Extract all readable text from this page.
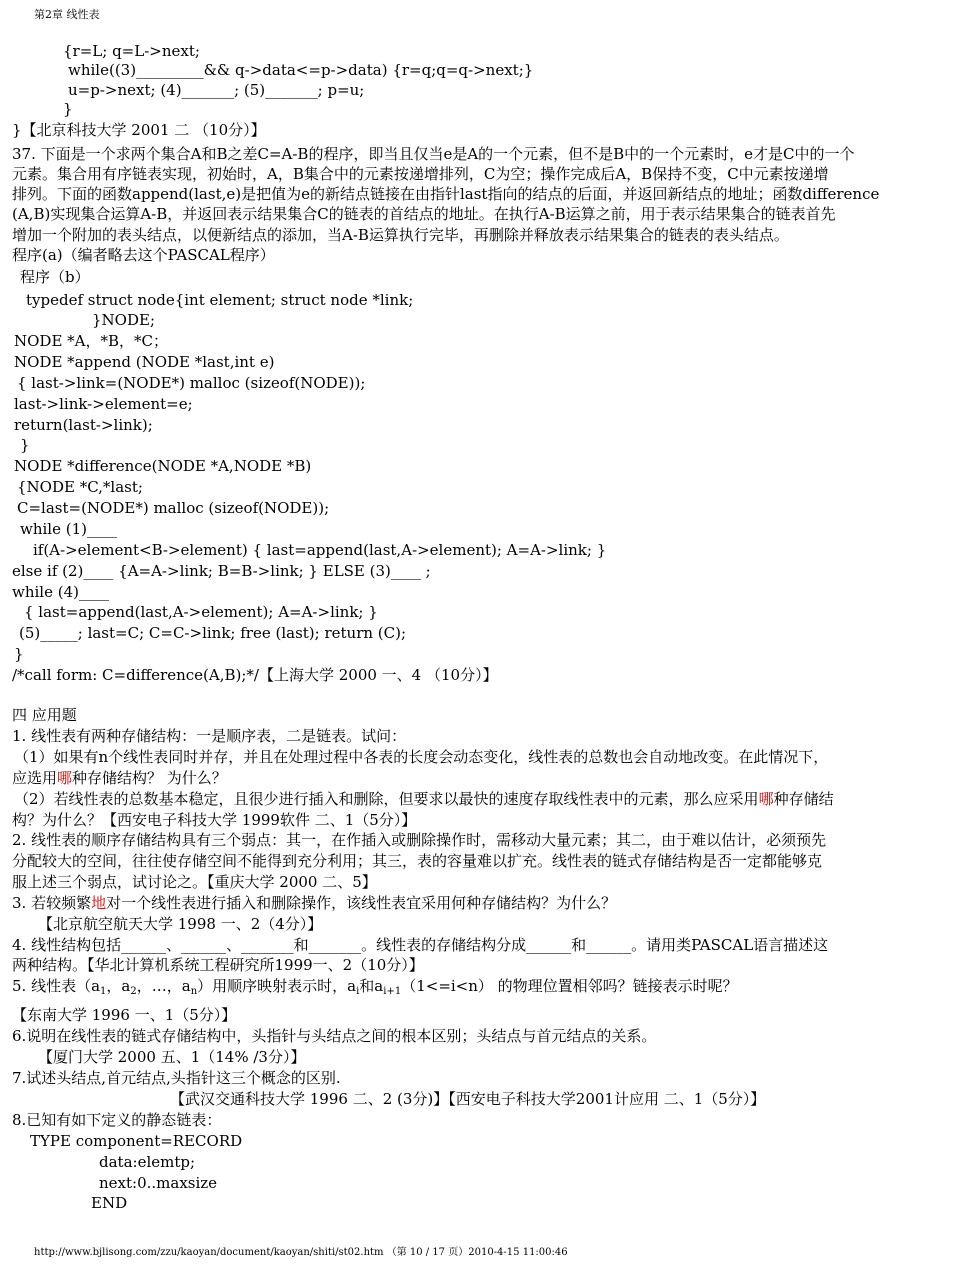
第2章 线性表
{r=L; q=L->next;
while((3)_________&& q->data<=p->data) {r=q;q=q->next;}
u=p->next; (4)_______; (5)_______; p=u;
}
}【北京科技大学 2001 二 （10分）】
37. 下面是一个求两个集合A和B之差C=A-B的程序，即当且仅当e是A的一个元素，但不是B中的一个元素时，e才是C中的一个
元素。集合用有序链表实现，初始时，A，B集合中的元素按递增排列，C为空；操作完成后A，B保持不变，C中元素按递增
排列。下面的函数append(last,e)是把值为e的新结点链接在由指针last指向的结点的后面，并返回新结点的地址；函数difference
(A,B)实现集合运算A-B，并返回表示结果集合C的链表的首结点的地址。在执行A-B运算之前，用于表示结果集合的链表首先
增加一个附加的表头结点，以便新结点的添加，当A-B运算执行完毕，再删除并释放表示结果集合的链表的表头结点。
程序(a)（编者略去这个PASCAL程序）
程序（b）
typedef struct node{int element; struct node *link;
}NODE;
NODE *A，*B，*C；
NODE *append (NODE *last,int e)
{ last->link=(NODE*) malloc (sizeof(NODE));
last->link->element=e;
return(last->link);
}
NODE *difference(NODE *A,NODE *B)
{NODE *C,*last;
C=last=(NODE*) malloc (sizeof(NODE));
while (1)____
if(A->element<B->element) { last=append(last,A->element); A=A->link; }
else if (2)____ {A=A->link; B=B->link; } ELSE (3)____ ;
while (4)____
{ last=append(last,A->element); A=A->link; }
(5)_____; last=C; C=C->link; free (last); return (C);
}
/*call form: C=difference(A,B);*/【上海大学 2000 一、4 （10分）】
四 应用题
1. 线性表有两种存储结构：一是顺序表，二是链表。试问：
（1）如果有n个线性表同时并存，并且在处理过程中各表的长度会动态变化，线性表的总数也会自动地改变。在此情况下，
应选用哪种存储结构？ 为什么？
（2）若线性表的总数基本稳定，且很少进行插入和删除，但要求以最快的速度存取线性表中的元素，那么应采用哪种存储结
构？为什么？【西安电子科技大学 1999软件 二、1（5分）】
2. 线性表的顺序存储结构具有三个弱点：其一，在作插入或删除操作时，需移动大量元素；其二，由于难以估计，必须预先
分配较大的空间，往往使存储空间不能得到充分利用；其三，表的容量难以扩充。线性表的链式存储结构是否一定都能够克
服上述三个弱点，试讨论之。【重庆大学 2000 二、5】
3. 若较频繁地对一个线性表进行插入和删除操作，该线性表宜采用何种存储结构？为什么？
【北京航空航天大学 1998 一、2（4分）】
4. 线性结构包括______、______、_______和_______。线性表的存储结构分成______和______。请用类PASCAL语言描述这
两种结构。【华北计算机系统工程研究所1999一、2（10分）】
5. 线性表（$a_1$，$a_2$，…，$a_n$）用顺序映射表示时，$a_i$和$a_{i+1}(1<=i<n)$ 的物理位置相邻吗？链接表示时呢？
【东南大学 1996 一、1（5分）】
6.说明在线性表的链式存储结构中，头指针与头结点之间的根本区别；头结点与首元结点的关系。
【厦门大学 2000 五、1（14% /3分）】
7.试述头结点,首元结点,头指针这三个概念的区别.
【武汉交通科技大学 1996 二、2 (3分)】【西安电子科技大学2001计应用 二、1（5分）】
8.已知有如下定义的静态链表：
TYPE component=RECORD
data:elemtp;
next:0..maxsize
END
http://www.bjlisong.com/zzu/kaoyan/document/kaoyan/shiti/st02.htm （第 10 / 17 页）2010-4-15 11:00:46
